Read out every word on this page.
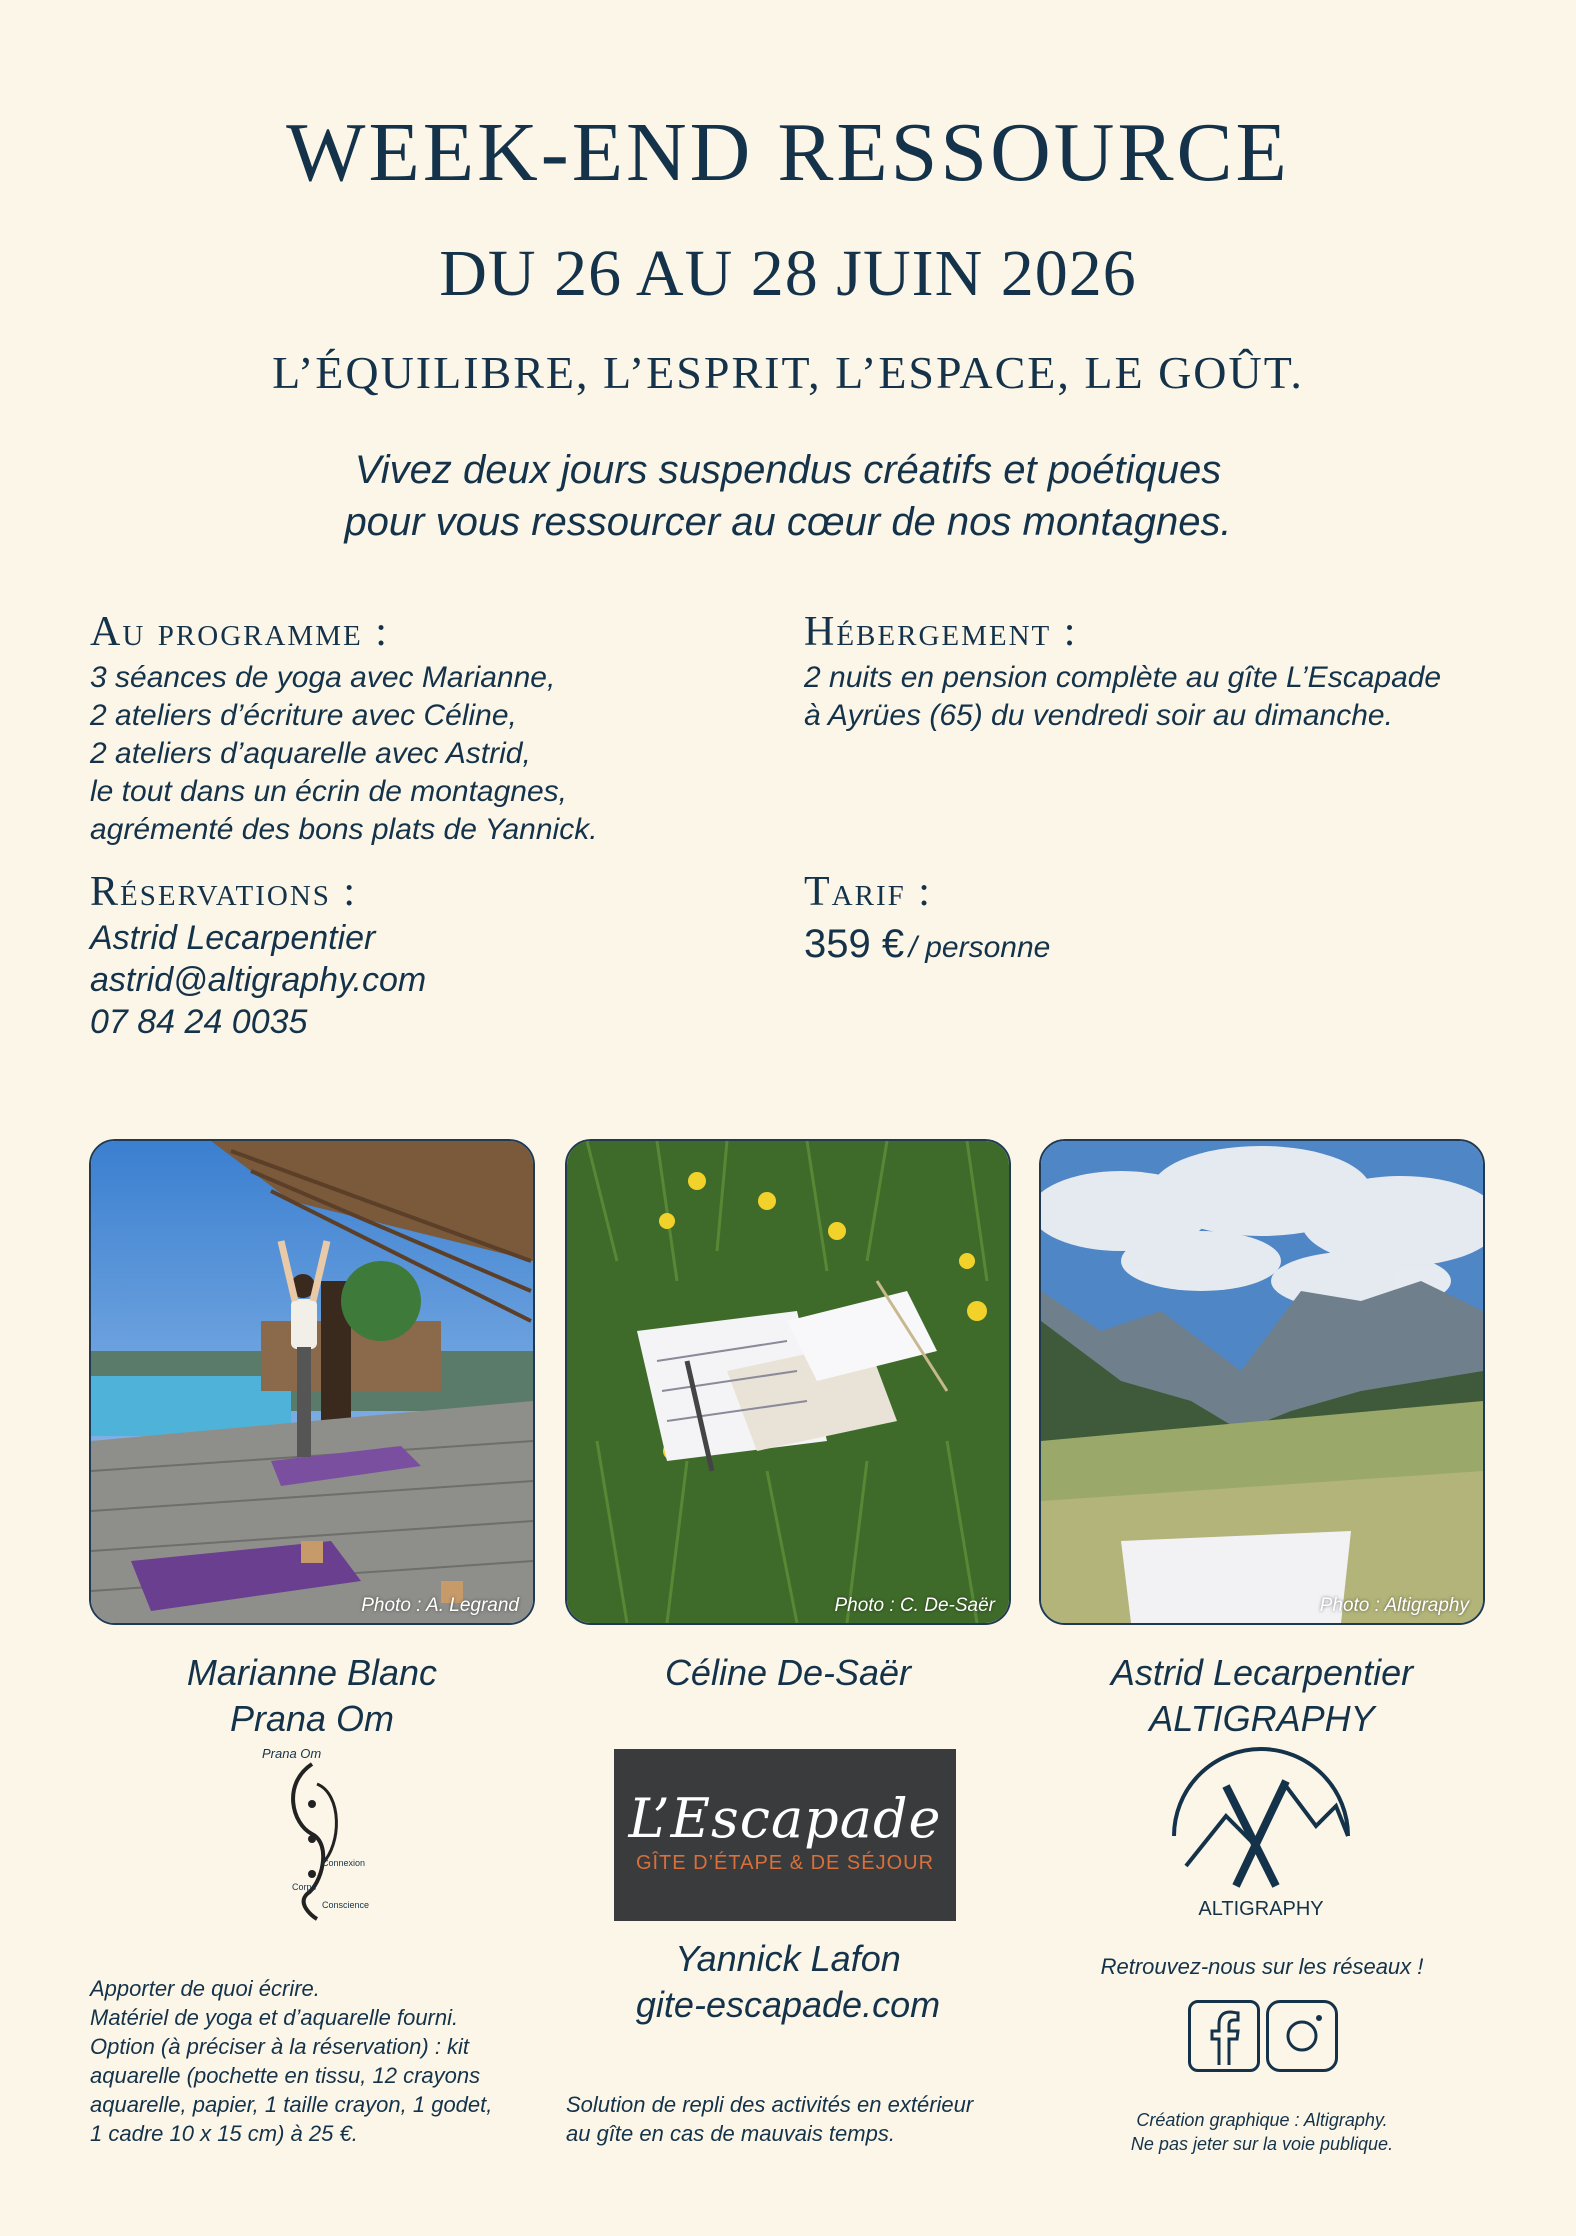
WEEK-END RESSOURCE
DU 26 AU 28 JUIN 2026
L’ÉQUILIBRE, L’ESPRIT, L’ESPACE, LE GOÛT.
Vivez deux jours suspendus créatifs et poétiques
pour vous ressourcer au cœur de nos montagnes.
Au programme :
3 séances de yoga avec Marianne,
2 ateliers d’écriture avec Céline,
2 ateliers d’aquarelle avec Astrid,
le tout dans un écrin de montagnes,
agrémenté des bons plats de Yannick.
Hébergement :
2 nuits en pension complète au gîte L’Escapade
à Ayrües (65) du vendredi soir au dimanche.
Réservations :
Astrid Lecarpentier
astrid@altigraphy.com
07 84 24 0035
Tarif :
359 € / personne
Photo : A. Legrand	Photo : C. De-Saër	Photo : Altigraphy
Marianne Blanc
Prana Om
Céline De-Saër	Astrid Lecarpentier
ALTIGRAPHY
Prana Om
Connexion
Corps
Conscience
L’Escapade
GÎTE D’ÉTAPE & DE SÉJOUR
ALTIGRAPHY
Yannick Lafon
gite-escapade.com
Apporter de quoi écrire.
Matériel de yoga et d’aquarelle fourni.
Option (à préciser à la réservation) : kit
aquarelle (pochette en tissu, 12 crayons
aquarelle, papier, 1 taille crayon, 1 godet,
1 cadre 10 x 15 cm) à 25 €.
Solution de repli des activités en extérieur
au gîte en cas de mauvais temps.
Retrouvez-nous sur les réseaux !
Création graphique : Altigraphy.
Ne pas jeter sur la voie publique.
